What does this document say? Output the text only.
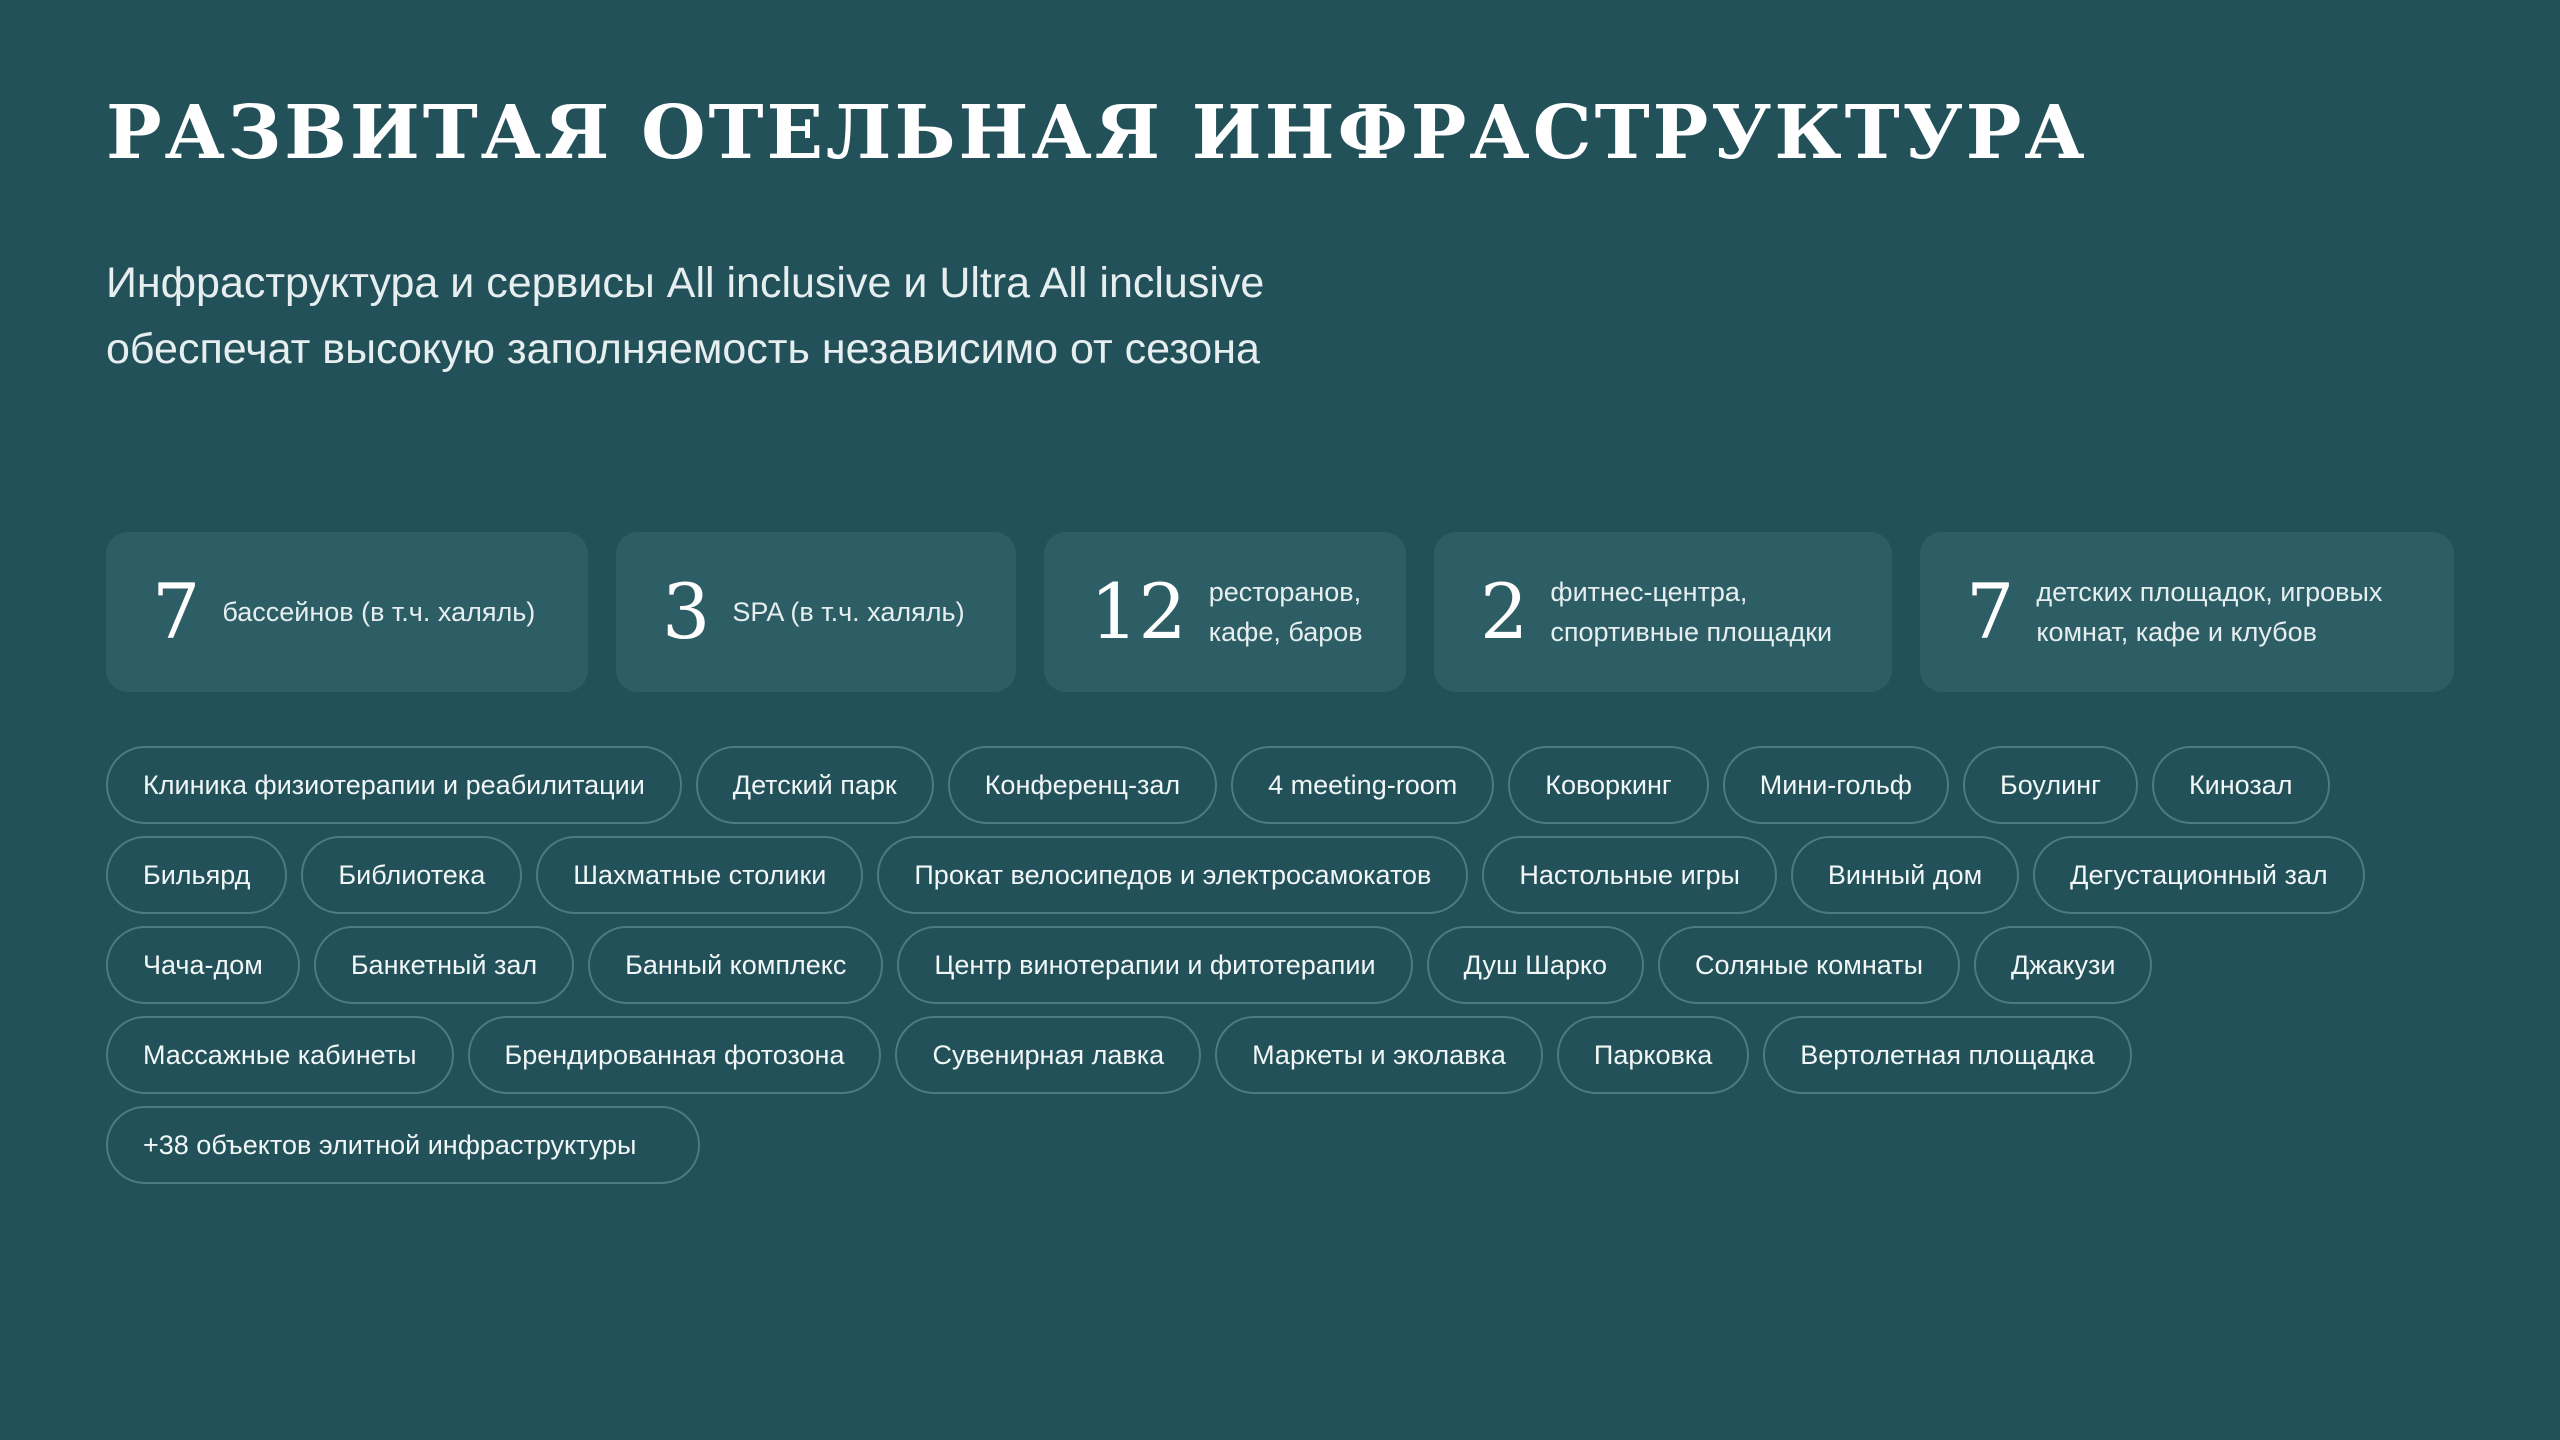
РАЗВИТАЯ ОТЕЛЬНАЯ ИНФРАСТРУКТУРА

Инфраструктура и сервисы All inclusive и Ultra All inclusive
обеспечат высокую заполняемость независимо от сезона

7 бассейнов (в т.ч. халяль) 3 SPA (в т.ч. халяль) 12 ресторанов,
кафе, баров 2 фитнес-центра,
спортивные площадки 7 детских площадок, игровых
комнат, кафе и клубов
Клиника физиотерапии и реабилитации	Детский парк	Конференц-зал	4 meeting-room	Коворкинг	Мини-гольф	Боулинг	Кинозал
Бильярд	Библиотека	Шахматные столики	Прокат велосипедов и электросамокатов	Настольные игры	Винный дом	Дегустационный зал
Чача-дом	Банкетный зал	Банный комплекс	Центр винотерапии и фитотерапии	Душ Шарко	Соляные комнаты	Джакузи
Массажные кабинеты	Брендированная фотозона	Сувенирная лавка	Маркеты и эколавка	Парковка	Вертолетная площадка
+38 объектов элитной инфраструктуры
